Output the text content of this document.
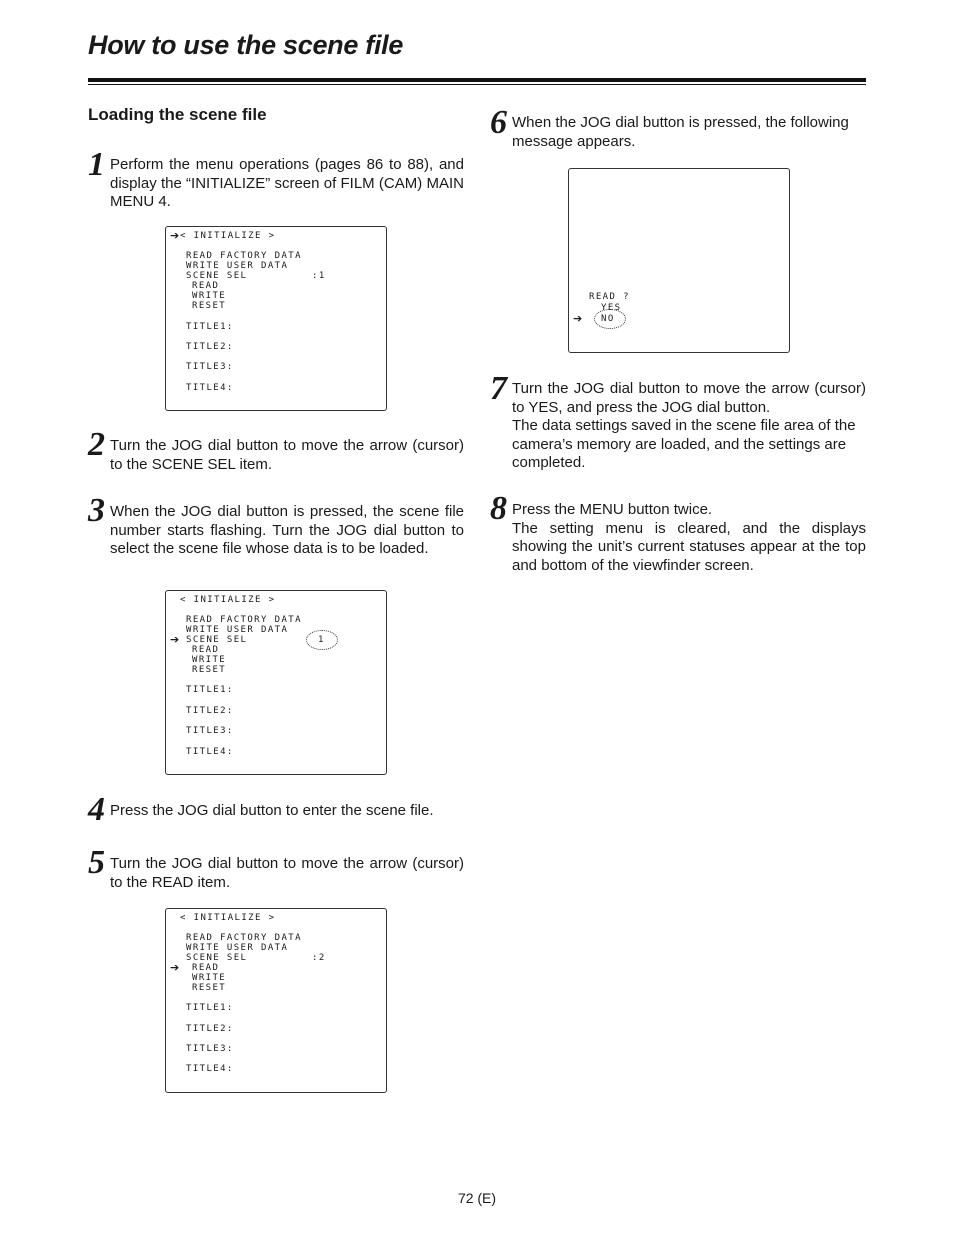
How to use the scene file
Loading the scene file
1 Perform the menu operations (pages 86 to 88), and display the “INITIALIZE” screen of FILM (CAM) MAIN MENU 4.

➔ < INITIALIZE >
READ FACTORY DATA
WRITE USER DATA
SCENE SEL	:1
READ
WRITE
RESET
TITLE1:
TITLE2:
TITLE3:
TITLE4:
2 Turn the JOG dial button to move the arrow (cursor) to the SCENE SEL item.

3 When the JOG dial button is pressed, the scene file number starts flashing. Turn the JOG dial button to select the scene file whose data is to be loaded.

< INITIALIZE >
READ FACTORY DATA
WRITE USER DATA
➔ SCENE SEL	1
READ
WRITE
RESET
TITLE1:
TITLE2:
TITLE3:
TITLE4:
4 Press the JOG dial button to enter the scene file.

5 Turn the JOG dial button to move the arrow (cursor) to the READ item.

< INITIALIZE >
READ FACTORY DATA
WRITE USER DATA
SCENE SEL	:2
➔ READ
WRITE
RESET
TITLE1:
TITLE2:
TITLE3:
TITLE4:
6 When the JOG dial button is pressed, the following message appears.

READ ?
YES
➔ NO
7 Turn the JOG dial button to move the arrow (cursor) to YES, and press the JOG dial button.

The data settings saved in the scene file area of the camera’s memory are loaded, and the settings are completed.

8 Press the MENU button twice.

The setting menu is cleared, and the displays showing the unit’s current statuses appear at the top and bottom of the viewfinder screen.

72 (E)
